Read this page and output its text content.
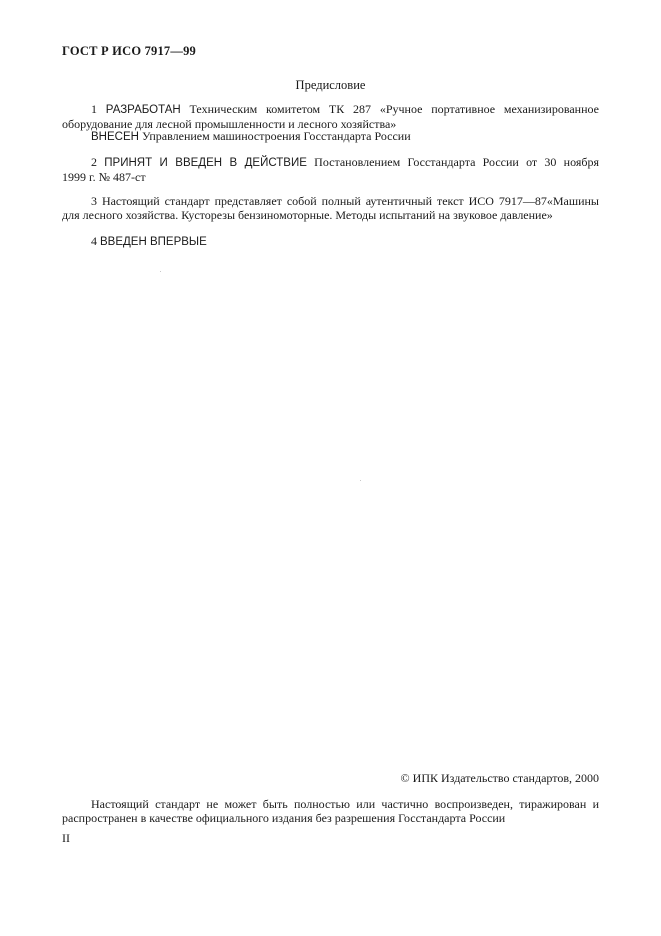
ГОСТ Р ИСО 7917—99
Предисловие
1 РАЗРАБОТАН Техническим комитетом ТК 287 «Ручное портативное механизированное
оборудование для лесной промышленности и лесного хозяйства»
ВНЕСЕН Управлением машиностроения Госстандарта России
2 ПРИНЯТ И ВВЕДЕН В ДЕЙСТВИЕ Постановлением Госстандарта России от 30 ноября
1999 г. № 487-ст
3 Настоящий стандарт представляет собой полный аутентичный текст ИСО 7917—87«Машины
для лесного хозяйства. Кусторезы бензиномоторные. Методы испытаний на звуковое давление»
4 ВВЕДЕН ВПЕРВЫЕ
© ИПК Издательство стандартов, 2000
Настоящий стандарт не может быть полностью или частично воспроизведен, тиражирован и
распространен в качестве официального издания без разрешения Госстандарта России
II
